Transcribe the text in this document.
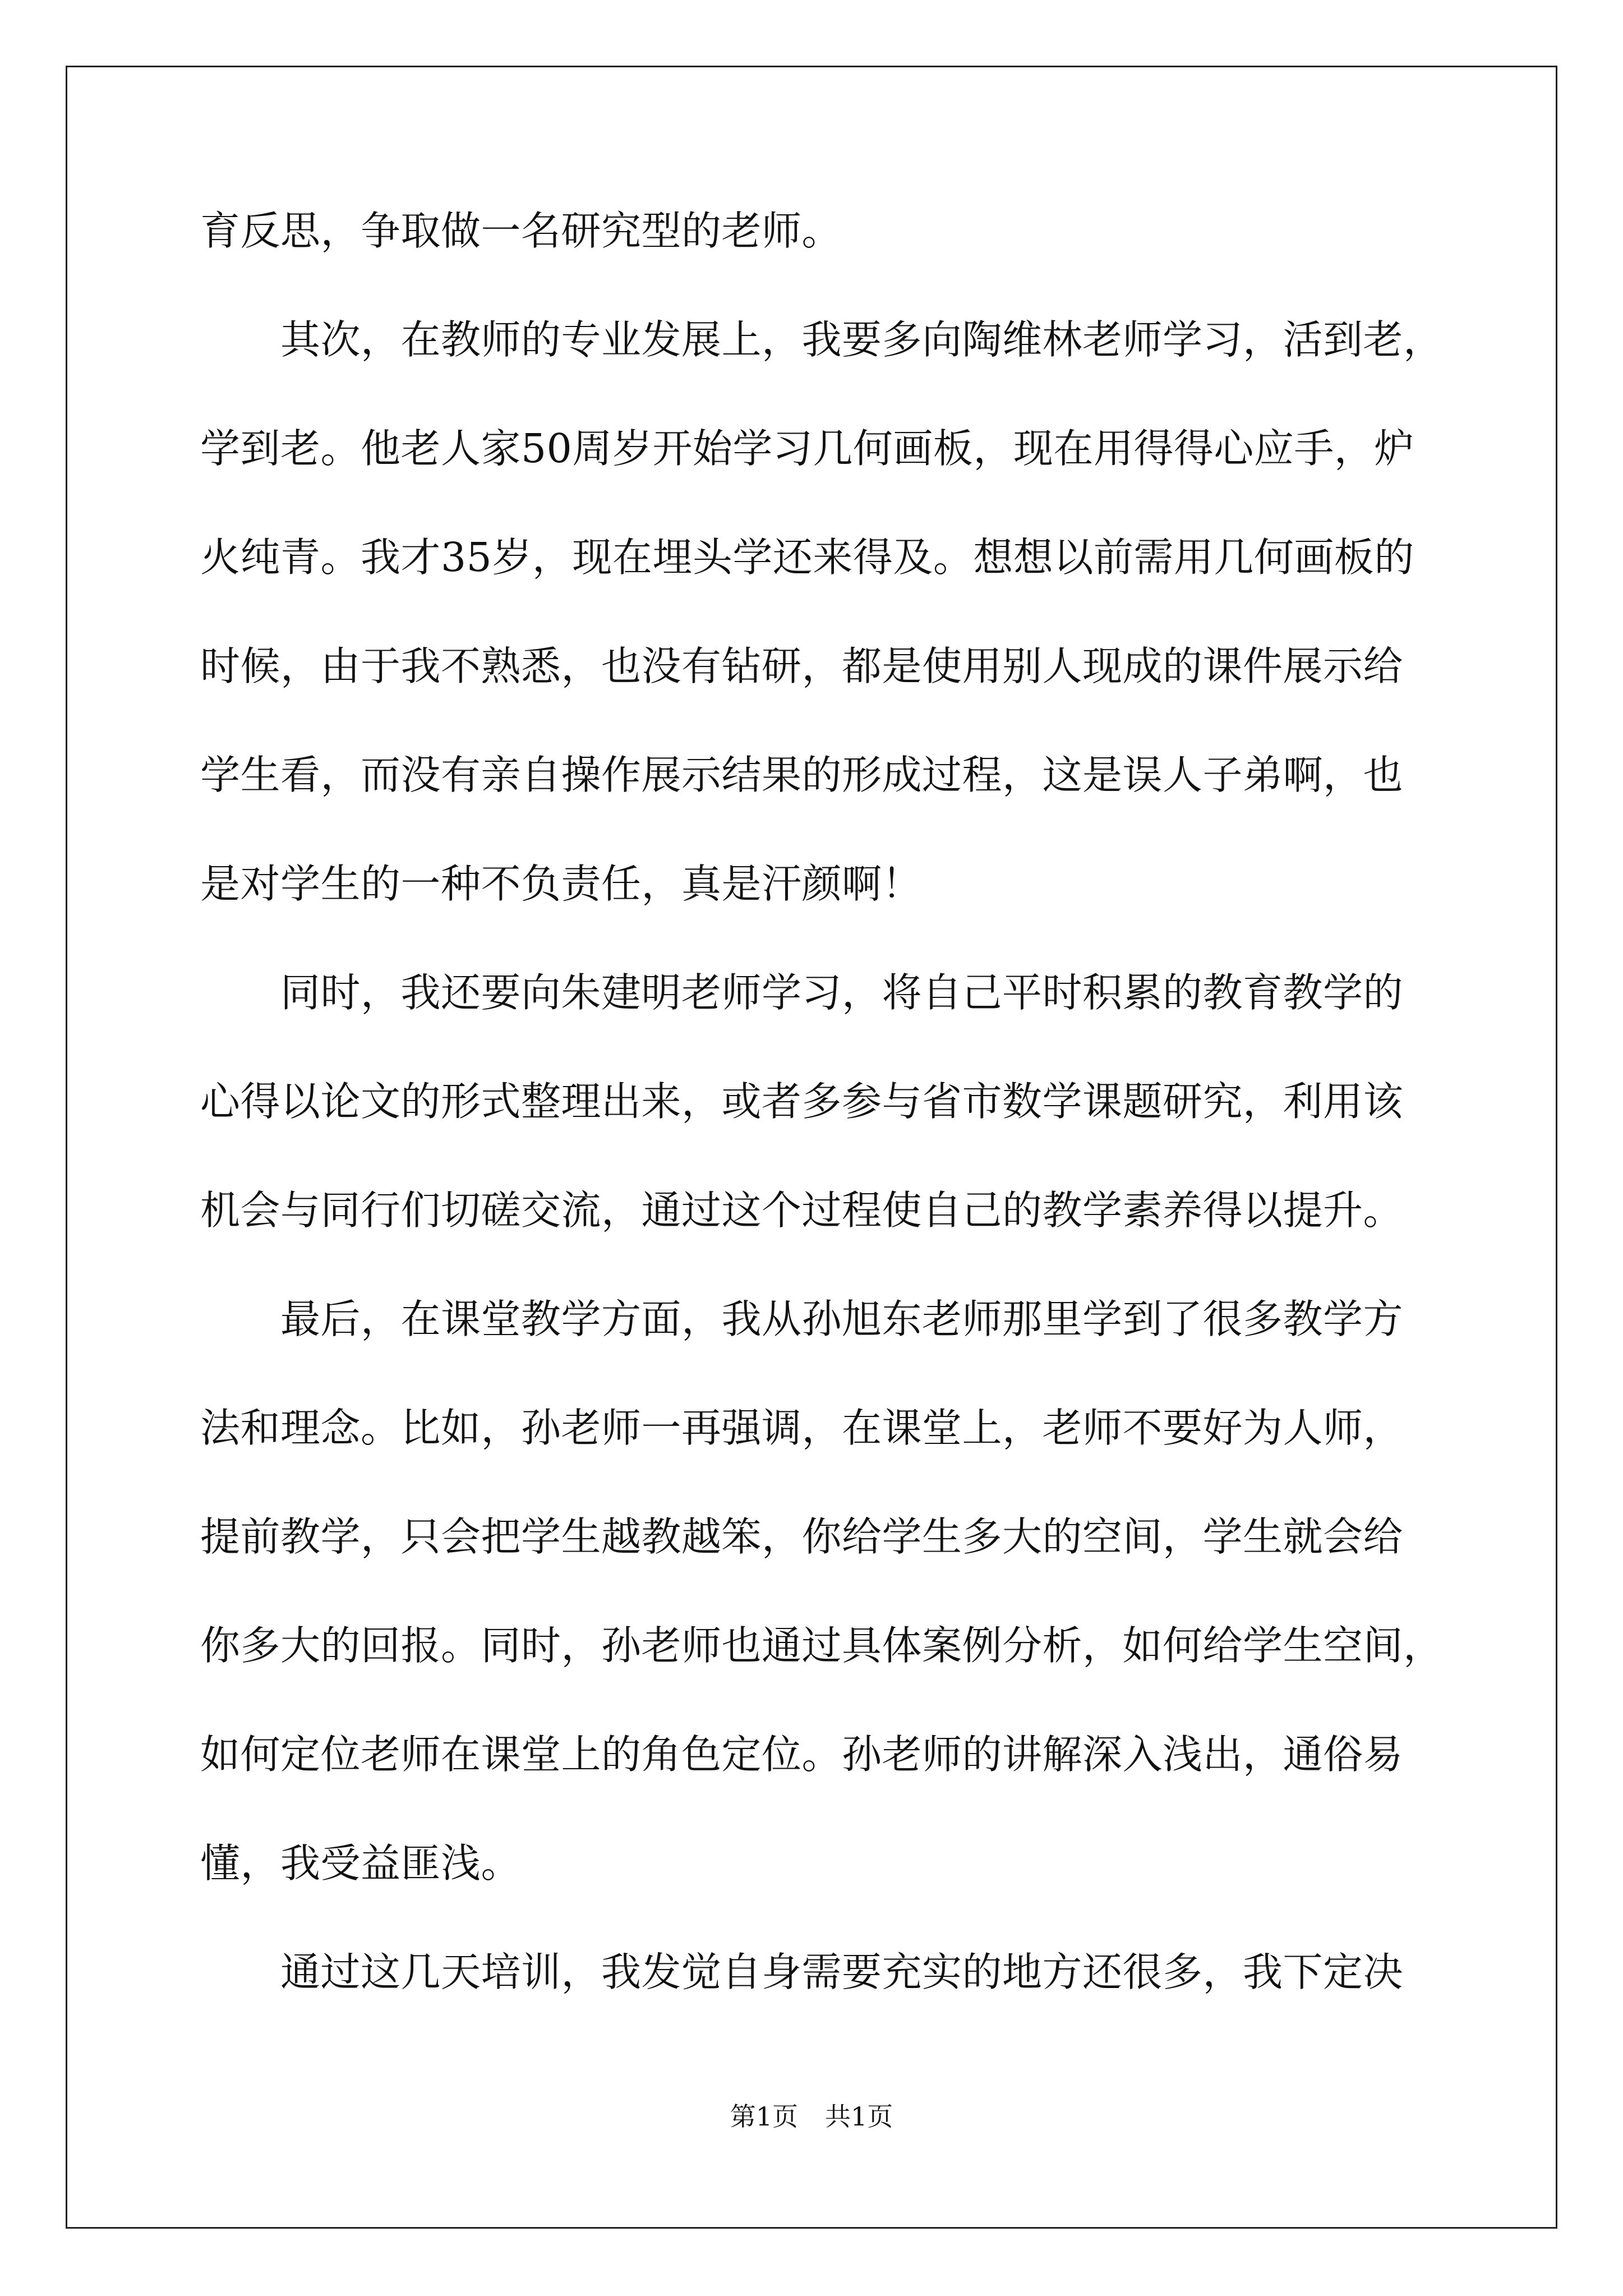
育反思，争取做一名研究型的老师。
　　其次，在教师的专业发展上，我要多向陶维林老师学习，活到老，
学到老。他老人家50周岁开始学习几何画板，现在用得得心应手，炉
火纯青。我才35岁，现在埋头学还来得及。想想以前需用几何画板的
时候，由于我不熟悉，也没有钻研，都是使用别人现成的课件展示给
学生看，而没有亲自操作展示结果的形成过程，这是误人子弟啊，也
是对学生的一种不负责任，真是汗颜啊！
　　同时，我还要向朱建明老师学习，将自己平时积累的教育教学的
心得以论文的形式整理出来，或者多参与省市数学课题研究，利用该
机会与同行们切磋交流，通过这个过程使自己的教学素养得以提升。
　　最后，在课堂教学方面，我从孙旭东老师那里学到了很多教学方
法和理念。比如，孙老师一再强调，在课堂上，老师不要好为人师，
提前教学，只会把学生越教越笨，你给学生多大的空间，学生就会给
你多大的回报。同时，孙老师也通过具体案例分析，如何给学生空间，
如何定位老师在课堂上的角色定位。孙老师的讲解深入浅出，通俗易
懂，我受益匪浅。
　　通过这几天培训，我发觉自身需要充实的地方还很多，我下定决
第1页 共1页
